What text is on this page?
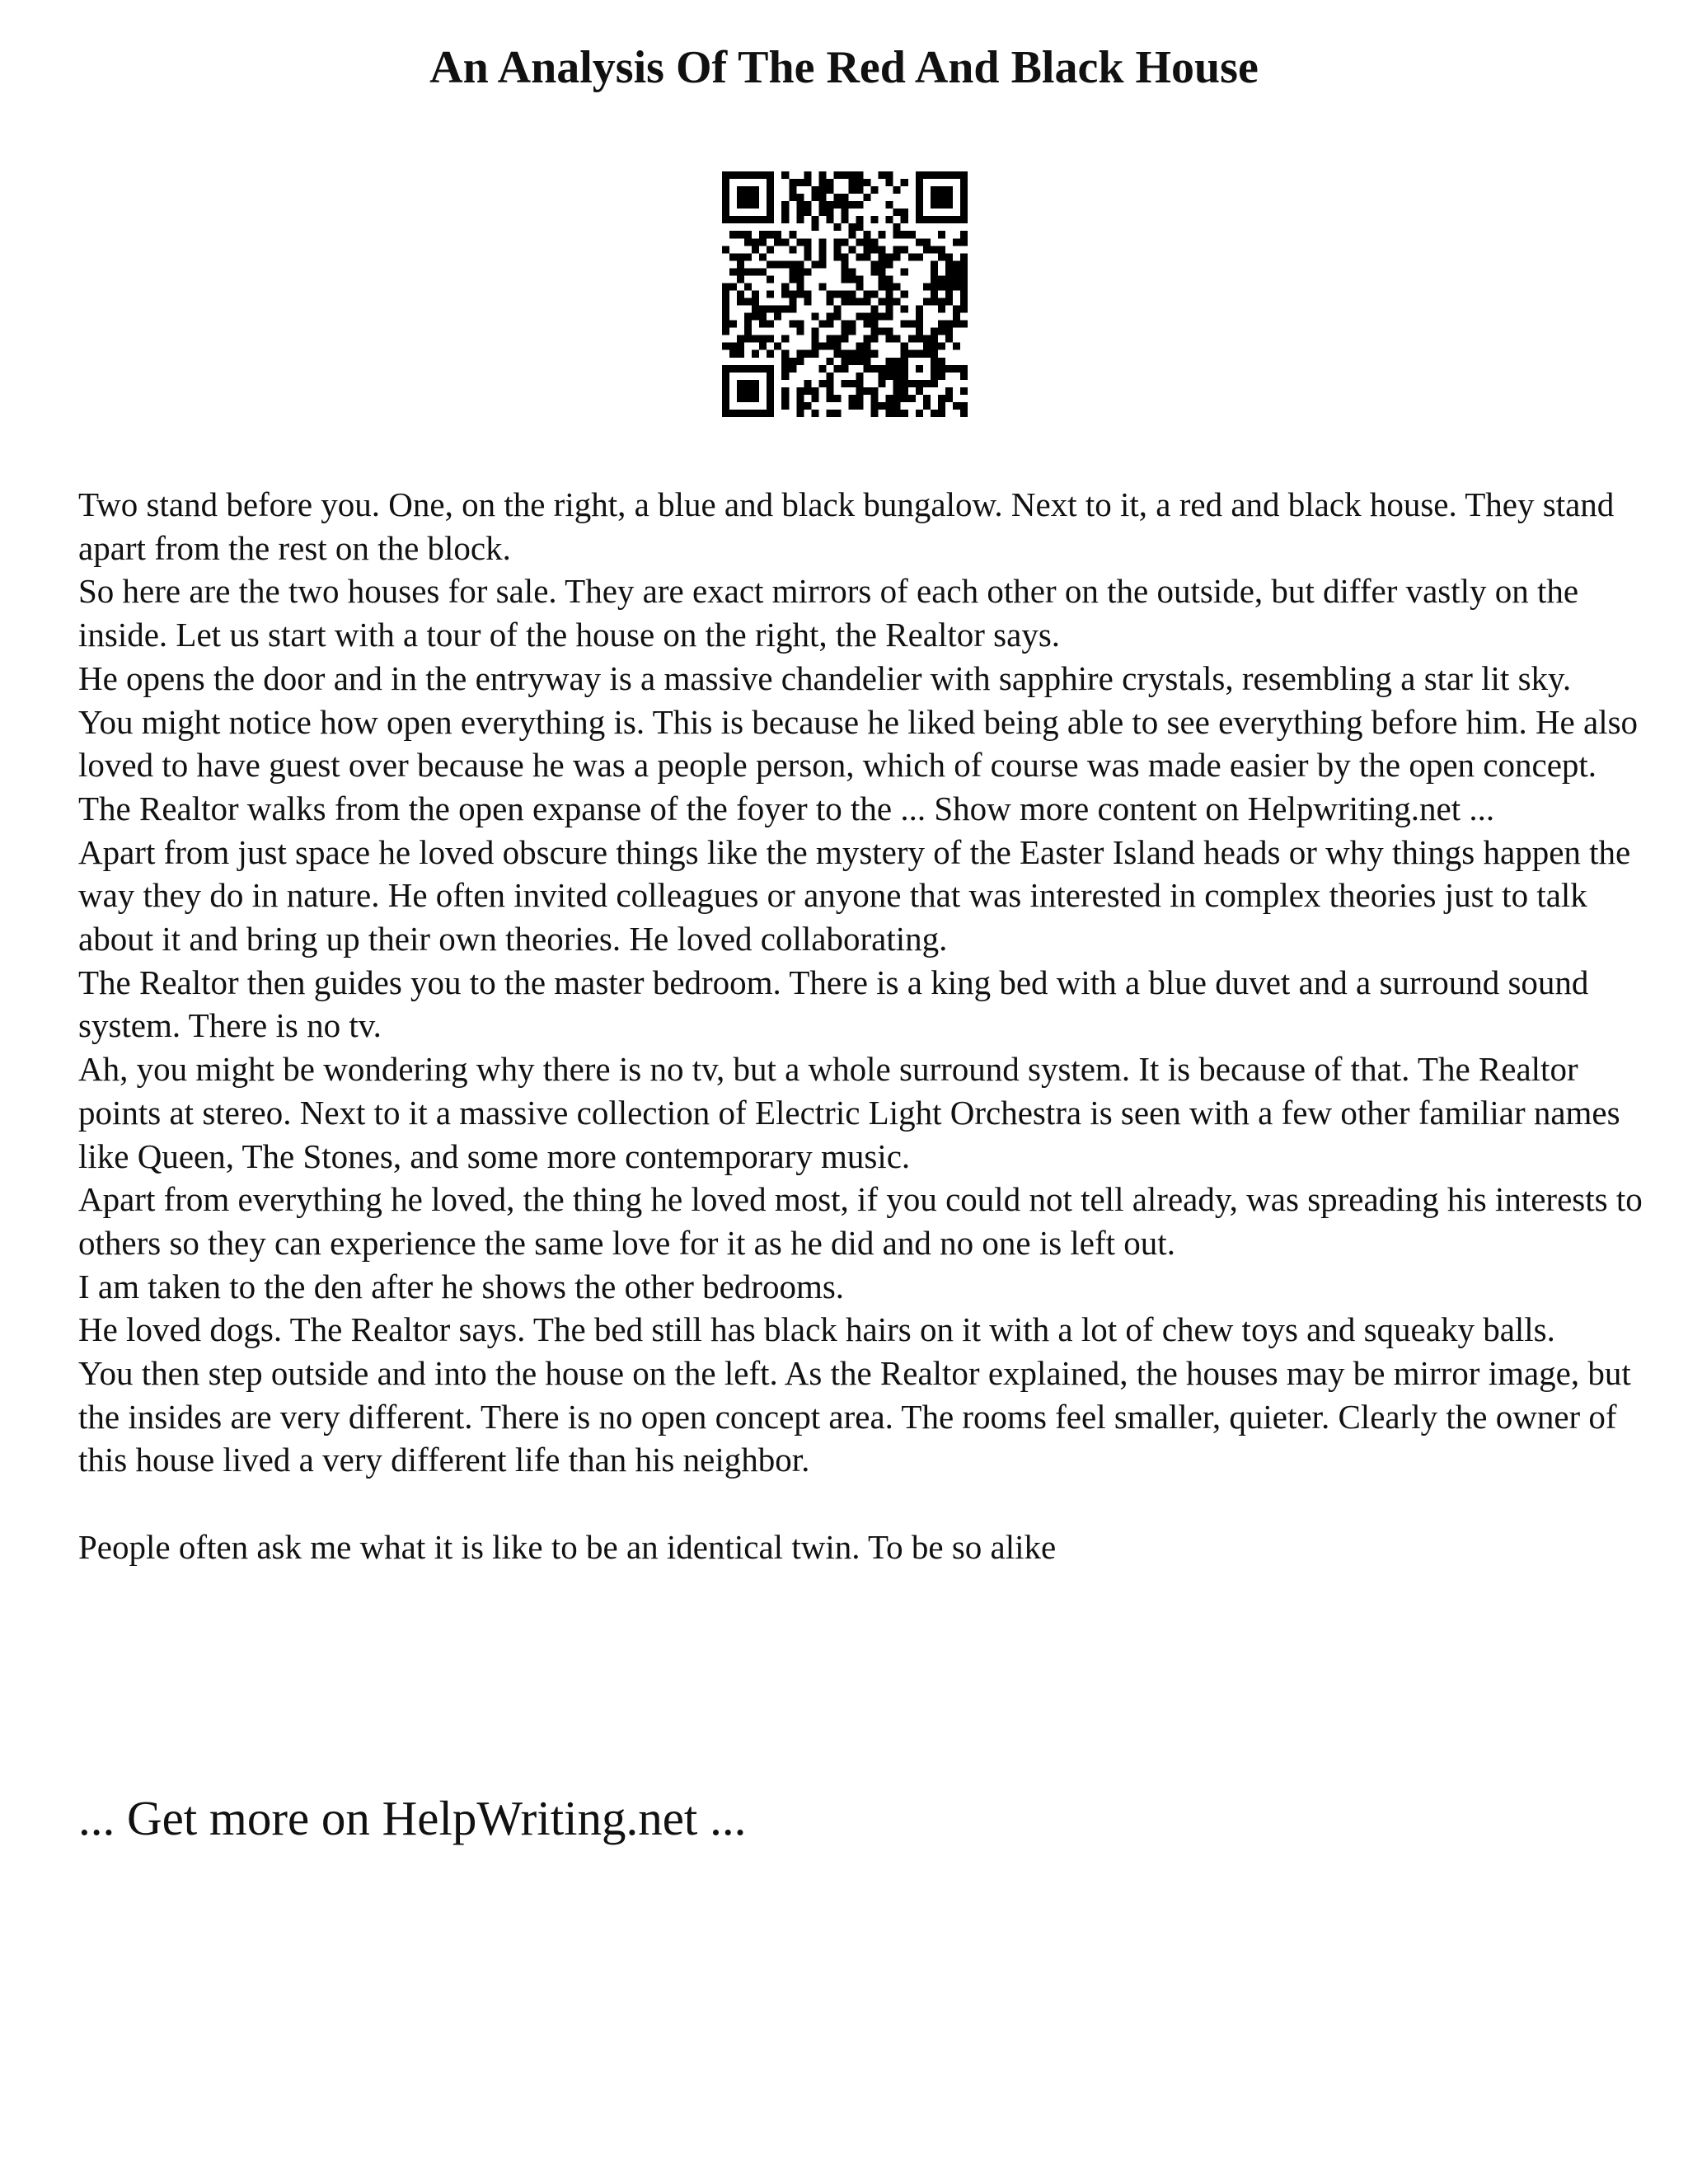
An Analysis Of The Red And Black House

Two stand before you. One, on the right, a blue and black bungalow. Next to it, a red and black house. They stand apart from the rest on the block.

So here are the two houses for sale. They are exact mirrors of each other on the outside, but differ vastly on the inside. Let us start with a tour of the house on the right, the Realtor says.

He opens the door and in the entryway is a massive chandelier with sapphire crystals, resembling a star lit sky.

You might notice how open everything is. This is because he liked being able to see everything before him. He also loved to have guest over because he was a people person, which of course was made easier by the open concept.

The Realtor walks from the open expanse of the foyer to the ... Show more content on Helpwriting.net ...

Apart from just space he loved obscure things like the mystery of the Easter Island heads or why things happen the way they do in nature. He often invited colleagues or anyone that was interested in complex theories just to talk about it and bring up their own theories. He loved collaborating.

The Realtor then guides you to the master bedroom. There is a king bed with a blue duvet and a surround sound system. There is no tv.

Ah, you might be wondering why there is no tv, but a whole surround system. It is because of that. The Realtor points at stereo. Next to it a massive collection of Electric Light Orchestra is seen with a few other familiar names like Queen, The Stones, and some more contemporary music.

Apart from everything he loved, the thing he loved most, if you could not tell already, was spreading his interests to others so they can experience the same love for it as he did and no one is left out.

I am taken to the den after he shows the other bedrooms.

He loved dogs. The Realtor says. The bed still has black hairs on it with a lot of chew toys and squeaky balls.

You then step outside and into the house on the left. As the Realtor explained, the houses may be mirror image, but the insides are very different. There is no open concept area. The rooms feel smaller, quieter. Clearly the owner of this house lived a very different life than his neighbor.

People often ask me what it is like to be an identical twin. To be so alike

... Get more on HelpWriting.net ...
